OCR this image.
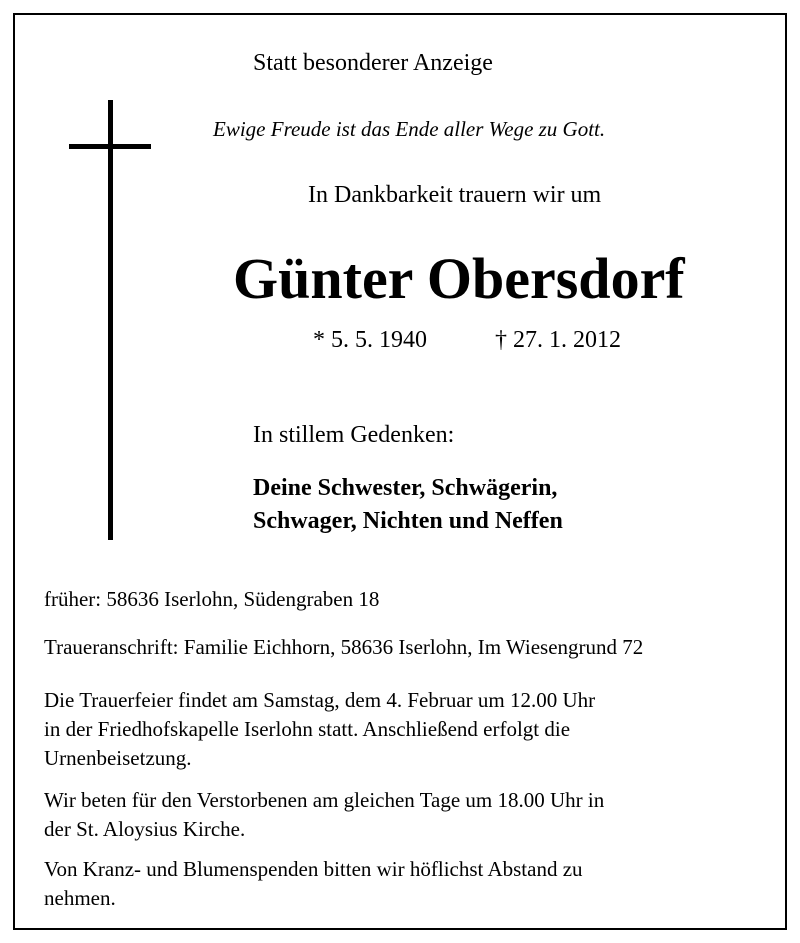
Statt besonderer Anzeige
Ewige Freude ist das Ende aller Wege zu Gott.
In Dankbarkeit trauern wir um
Günter Obersdorf
* 5. 5. 1940	† 27. 1. 2012
In stillem Gedenken:
Deine Schwester, Schwägerin,
Schwager, Nichten und Neffen
früher: 58636 Iserlohn, Südengraben 18
Traueranschrift: Familie Eichhorn, 58636 Iserlohn, Im Wiesengrund 72
Die Trauerfeier findet am Samstag, dem 4. Februar um 12.00 Uhr
in der Friedhofskapelle Iserlohn statt. Anschließend erfolgt die
Urnenbeisetzung.
Wir beten für den Verstorbenen am gleichen Tage um 18.00 Uhr in
der St. Aloysius Kirche.
Von Kranz- und Blumenspenden bitten wir höflichst Abstand zu
nehmen.
